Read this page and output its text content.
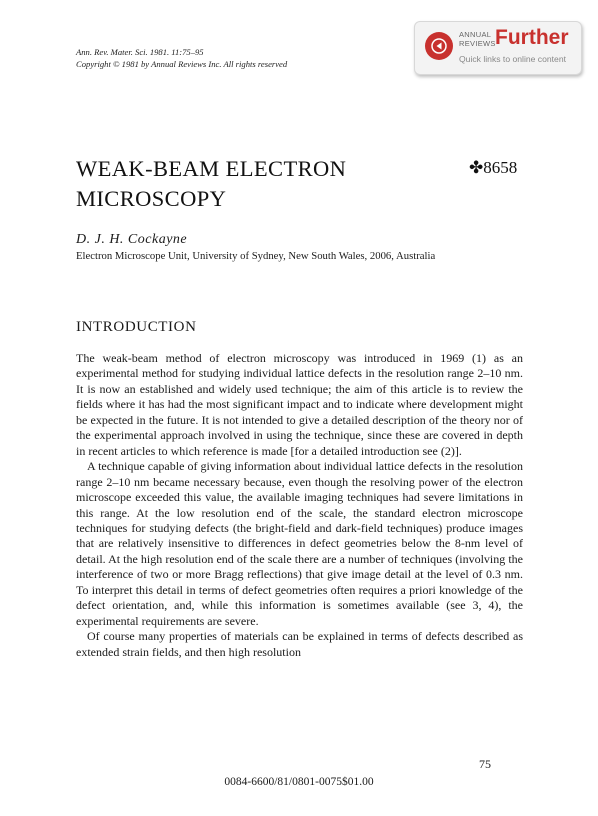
Ann. Rev. Mater. Sci. 1981. 11:75–95
Copyright © 1981 by Annual Reviews Inc. All rights reserved
ANNUAL
REVIEWS Further
Quick links to online content
WEAK-BEAM ELECTRON
MICROSCOPY
✤8658
D. J. H. Cockayne
Electron Microscope Unit, University of Sydney, New South Wales, 2006, Australia
INTRODUCTION

The weak-beam method of electron microscopy was introduced in 1969 (1) as an experimental method for studying individual lattice defects in the resolution range 2–10 nm. It is now an established and widely used technique; the aim of this article is to review the fields where it has had the most significant impact and to indicate where development might be expected in the future. It is not intended to give a detailed description of the theory nor of the experimental approach involved in using the technique, since these are covered in depth in recent articles to which reference is made [for a detailed introduction see (2)].

A technique capable of giving information about individual lattice defects in the resolution range 2–10 nm became necessary because, even though the resolving power of the electron microscope exceeded this value, the available imaging techniques had severe limitations in this range. At the low resolution end of the scale, the standard electron microscope techniques for studying defects (the bright-field and dark-field techniques) produce images that are relatively insensitive to differences in defect geometries below the 8-nm level of detail. At the high resolution end of the scale there are a number of techniques (involving the interference of two or more Bragg reflections) that give image detail at the level of 0.3 nm. To interpret this detail in terms of defect geometries often requires a priori knowledge of the defect orientation, and, while this information is sometimes available (see 3, 4), the experimental requirements are severe.

Of course many properties of materials can be explained in terms of defects described as extended strain fields, and then high resolution

75
0084-6600/81/0801-0075$01.00
